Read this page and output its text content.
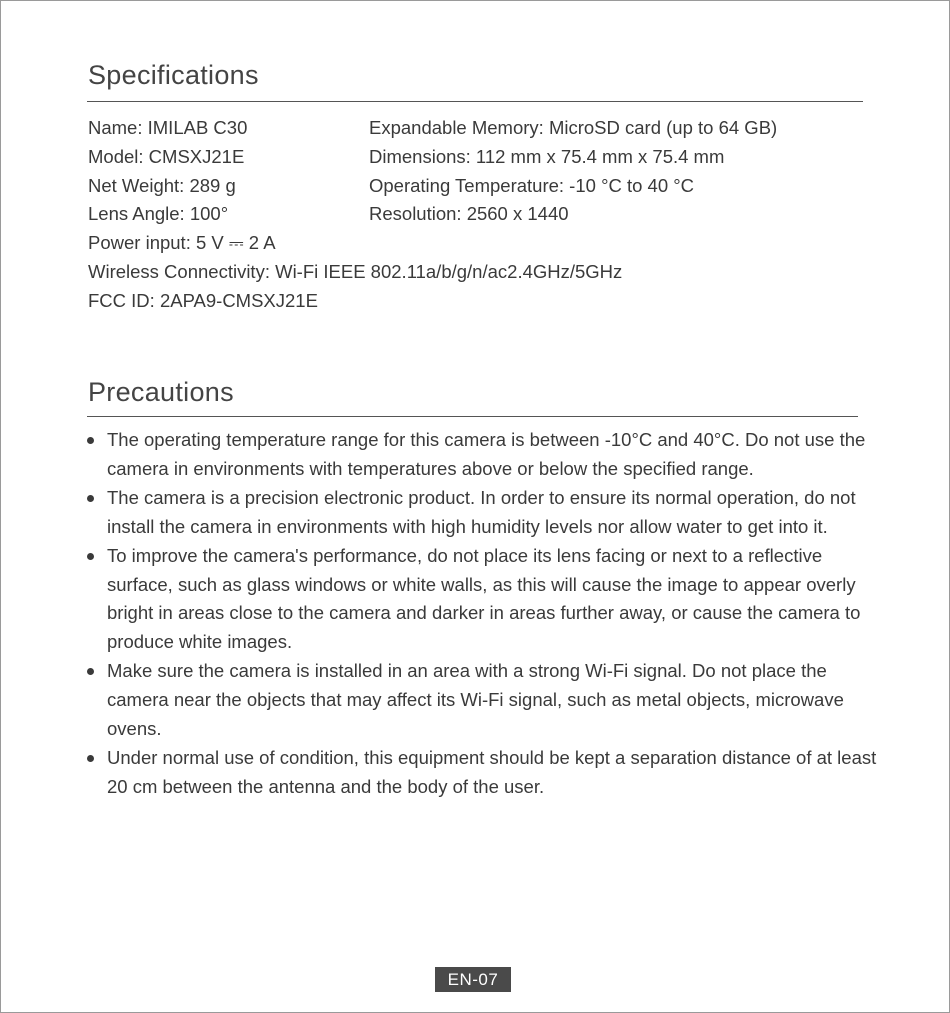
Specifications
Name: IMILAB C30
Model: CMSXJ21E
Net Weight: 289 g
Lens Angle: 100°
Power input: 5 V ⎓ 2 A
Wireless Connectivity: Wi-Fi IEEE 802.11a/b/g/n/ac2.4GHz/5GHz
FCC ID: 2APA9-CMSXJ21E
Expandable Memory: MicroSD card (up to 64 GB)
Dimensions: 112 mm x 75.4 mm x 75.4 mm
Operating Temperature: -10 °C to 40 °C
Resolution: 2560 x 1440
Precautions
The operating temperature range for this camera is between -10°C and 40°C. Do not use the camera in environments with temperatures above or below the specified range.
The camera is a precision electronic product. In order to ensure its normal operation, do not install the camera in environments with high humidity levels nor allow water to get into it.
To improve the camera's performance, do not place its lens facing or next to a reflective surface, such as glass windows or white walls, as this will cause the image to appear overly bright in areas close to the camera and darker in areas further away, or cause the camera to produce white images.
Make sure the camera is installed in an area with a strong Wi-Fi signal. Do not place the camera near the objects that may affect its Wi-Fi signal, such as metal objects, microwave ovens.
Under normal use of condition, this equipment should be kept a separation distance of at least 20 cm between the antenna and the body of the user.
EN-07
